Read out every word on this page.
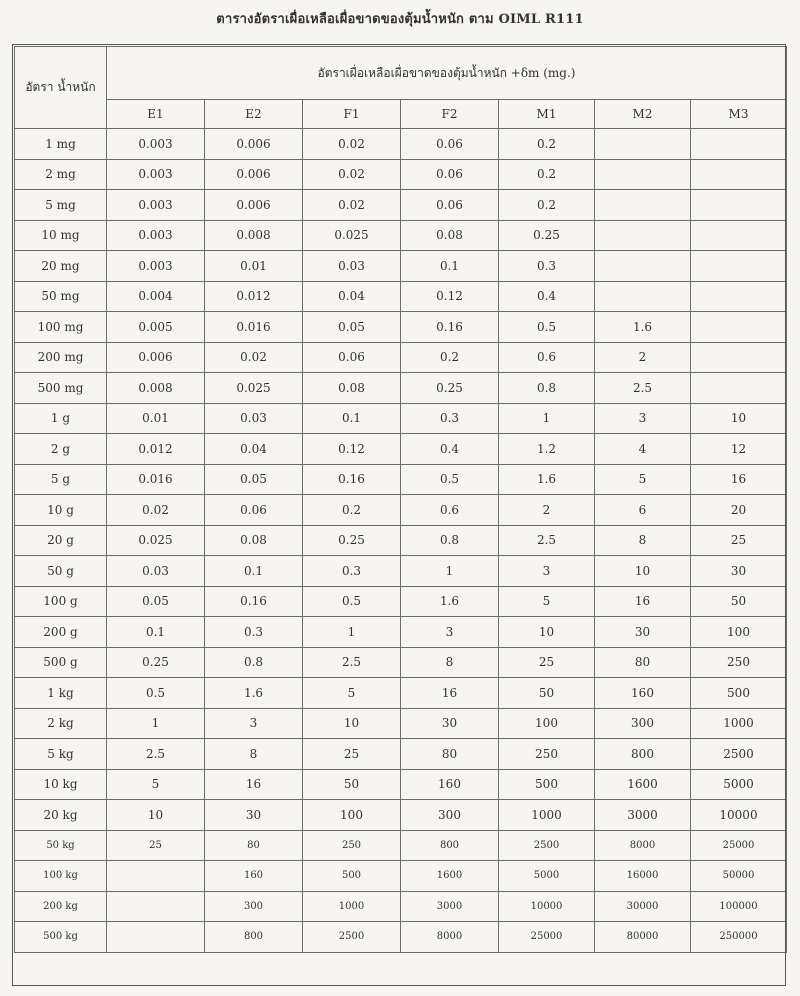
ตารางอัตราเผื่อเหลือเผื่อขาดของตุ้มน้ำหนัก ตาม OIML R111
อัตรา น้ำหนัก	อัตราเผื่อเหลือเผื่อขาดของตุ้มน้ำหนัก +δm (mg.)						
	E1	E2	F1	F2	M1	M2	M3
1 mg	0.003	0.006	0.02	0.06	0.2		
2 mg	0.003	0.006	0.02	0.06	0.2		
5 mg	0.003	0.006	0.02	0.06	0.2		
10 mg	0.003	0.008	0.025	0.08	0.25		
20 mg	0.003	0.01	0.03	0.1	0.3		
50 mg	0.004	0.012	0.04	0.12	0.4		
100 mg	0.005	0.016	0.05	0.16	0.5	1.6	
200 mg	0.006	0.02	0.06	0.2	0.6	2	
500 mg	0.008	0.025	0.08	0.25	0.8	2.5	
1 g	0.01	0.03	0.1	0.3	1	3	10
2 g	0.012	0.04	0.12	0.4	1.2	4	12
5 g	0.016	0.05	0.16	0.5	1.6	5	16
10 g	0.02	0.06	0.2	0.6	2	6	20
20 g	0.025	0.08	0.25	0.8	2.5	8	25
50 g	0.03	0.1	0.3	1	3	10	30
100 g	0.05	0.16	0.5	1.6	5	16	50
200 g	0.1	0.3	1	3	10	30	100
500 g	0.25	0.8	2.5	8	25	80	250
1 kg	0.5	1.6	5	16	50	160	500
2 kg	1	3	10	30	100	300	1000
5 kg	2.5	8	25	80	250	800	2500
10 kg	5	16	50	160	500	1600	5000
20 kg	10	30	100	300	1000	3000	10000
50 kg	25	80	250	800	2500	8000	25000
100 kg		160	500	1600	5000	16000	50000
200 kg		300	1000	3000	10000	30000	100000
500 kg		800	2500	8000	25000	80000	250000
